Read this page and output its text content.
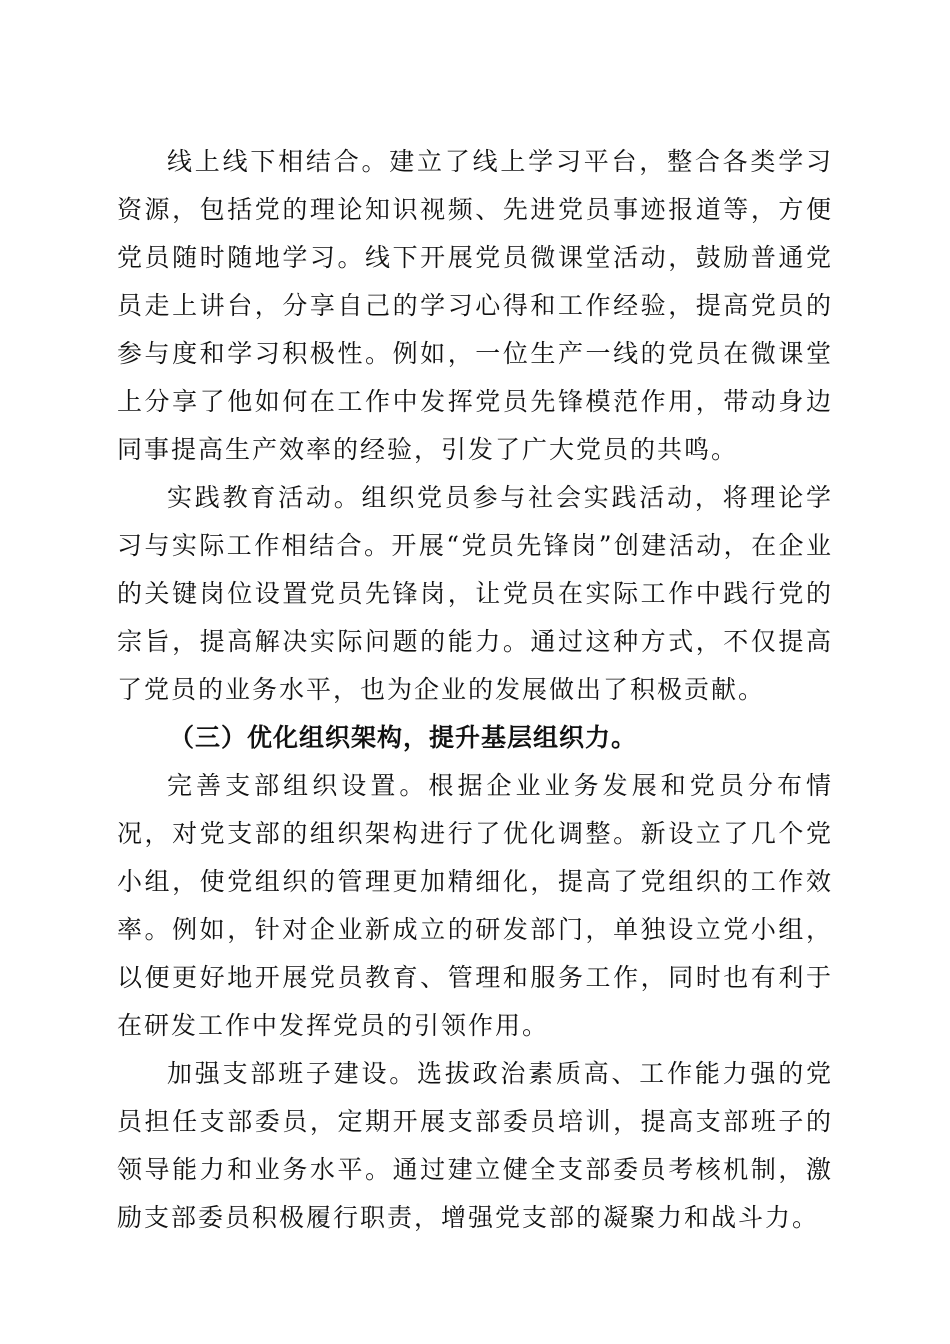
线上线下相结合。建立了线上学习平台，整合各类学习资源，包括党的理论知识视频、先进党员事迹报道等，方便党员随时随地学习。线下开展党员微课堂活动，鼓励普通党员走上讲台，分享自己的学习心得和工作经验，提高党员的参与度和学习积极性。例如，一位生产一线的党员在微课堂上分享了他如何在工作中发挥党员先锋模范作用，带动身边同事提高生产效率的经验，引发了广大党员的共鸣。

实践教育活动。组织党员参与社会实践活动，将理论学习与实际工作相结合。开展“党员先锋岗”创建活动，在企业的关键岗位设置党员先锋岗，让党员在实际工作中践行党的宗旨，提高解决实际问题的能力。通过这种方式，不仅提高了党员的业务水平，也为企业的发展做出了积极贡献。

（三）优化组织架构，提升基层组织力。

完善支部组织设置。根据企业业务发展和党员分布情况，对党支部的组织架构进行了优化调整。新设立了几个党小组，使党组织的管理更加精细化，提高了党组织的工作效率。例如，针对企业新成立的研发部门，单独设立党小组，以便更好地开展党员教育、管理和服务工作，同时也有利于在研发工作中发挥党员的引领作用。

加强支部班子建设。选拔政治素质高、工作能力强的党员担任支部委员，定期开展支部委员培训，提高支部班子的领导能力和业务水平。通过建立健全支部委员考核机制，激励支部委员积极履行职责，增强党支部的凝聚力和战斗力。
